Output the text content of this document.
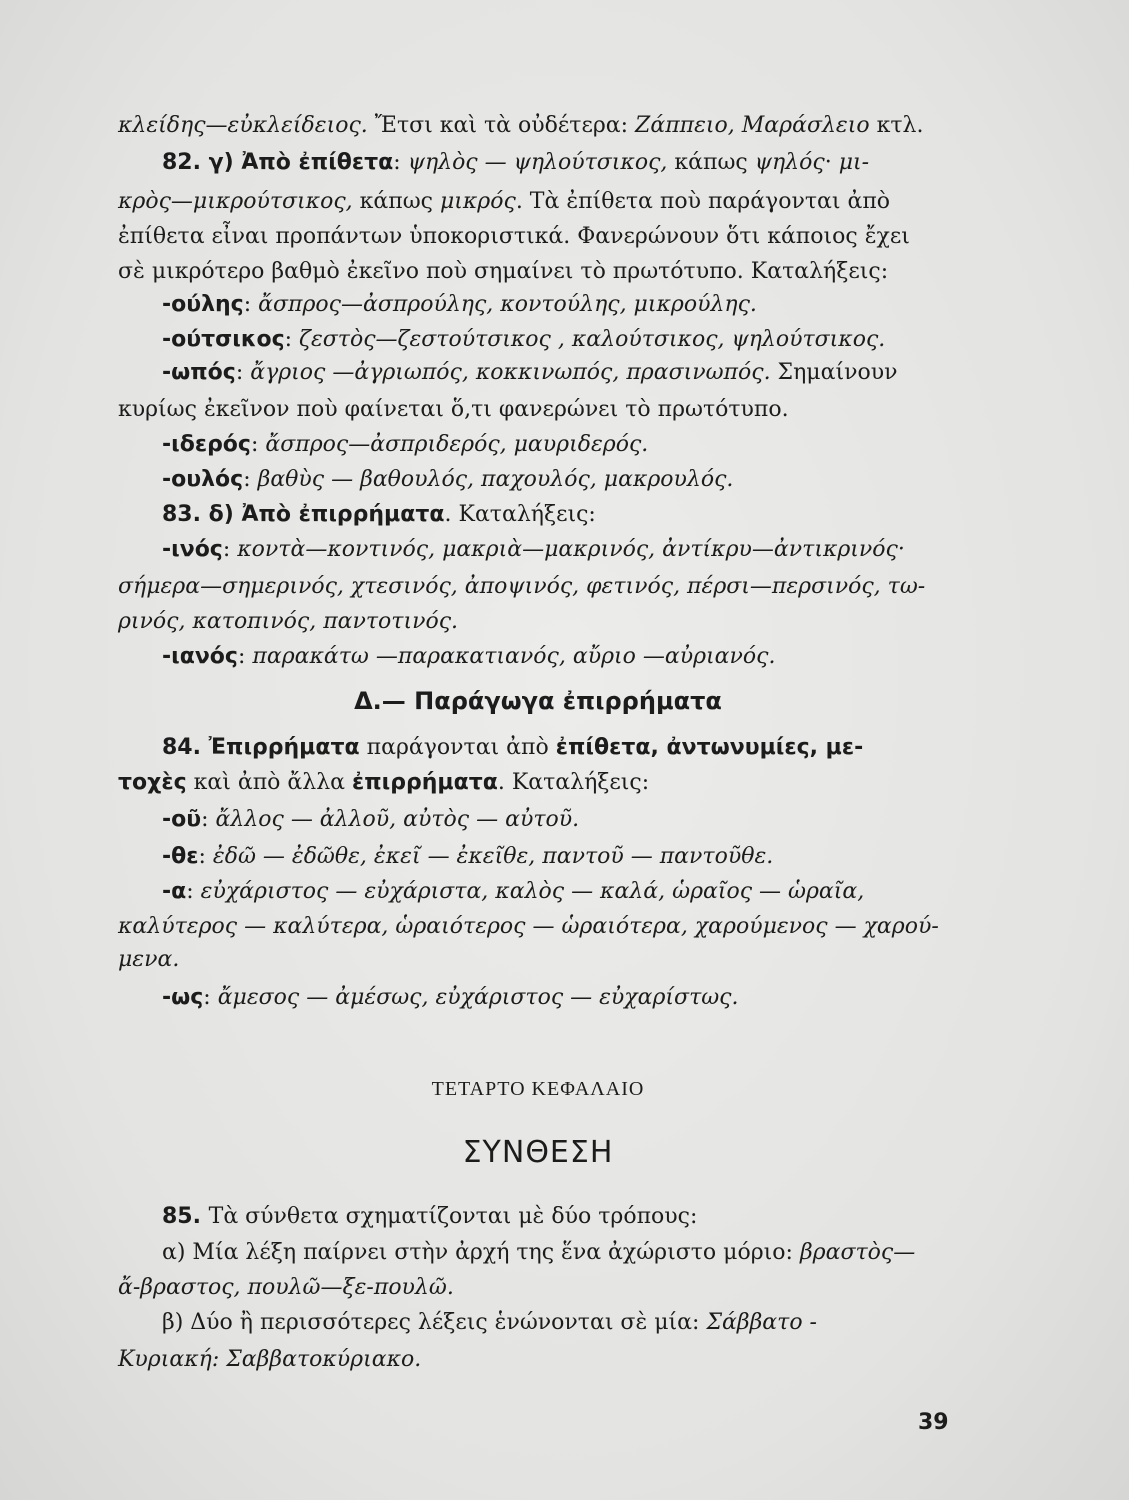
κλείδης—εὐκλείδειος. Ἔτσι καὶ τὰ οὐδέτερα: Ζάππειο, Μαράσλειο κτλ.
82. γ) Ἀπὸ ἐπίθετα: ψηλὸς — ψηλούτσικος, κάπως ψηλός· μι-
κρὸς—μικρούτσικος, κάπως μικρός. Τὰ ἐπίθετα ποὺ παράγονται ἀπὸ
ἐπίθετα εἶναι προπάντων ὑποκοριστικά. Φανερώνουν ὅτι κάποιος ἔχει
σὲ μικρότερο βαθμὸ ἐκεῖνο ποὺ σημαίνει τὸ πρωτότυπο. Καταλήξεις:
-ούλης: ἄσπρος—ἀσπρούλης, κοντούλης, μικρούλης.
-ούτσικος: ζεστὸς—ζεστούτσικος , καλούτσικος, ψηλούτσικος.
-ωπός: ἄγριος —ἀγριωπός, κοκκινωπός, πρασινωπός. Σημαίνουν
κυρίως ἐκεῖνον ποὺ φαίνεται ὅ,τι φανερώνει τὸ πρωτότυπο.
-ιδερός: ἄσπρος—ἀσπριδερός, μαυριδερός.
-ουλός: βαθὺς — βαθουλός, παχουλός, μακρουλός.
83. δ) Ἀπὸ ἐπιρρήματα. Καταλήξεις:
-ινός: κοντὰ—κοντινός, μακριὰ—μακρινός, ἀντίκρυ—ἀντικρινός·
σήμερα—σημερινός, χτεσινός, ἀποψινός, φετινός, πέρσι—περσινός, τω-
ρινός, κατοπινός, παντοτινός.
-ιανός: παρακάτω —παρακατιανός, αὔριο —αὐριανός.
Δ.— Παράγωγα ἐπιρρήματα
84. Ἐπιρρήματα παράγονται ἀπὸ ἐπίθετα, ἀντωνυμίες, με-
τοχὲς καὶ ἀπὸ ἄλλα ἐπιρρήματα. Καταλήξεις:
-οῦ: ἄλλος — ἀλλοῦ, αὐτὸς — αὐτοῦ.
-θε: ἐδῶ — ἐδῶθε, ἐκεῖ — ἐκεῖθε, παντοῦ — παντοῦθε.
-α: εὐχάριστος — εὐχάριστα, καλὸς — καλά, ὡραῖος — ὡραῖα,
καλύτερος — καλύτερα, ὡραιότερος — ὡραιότερα, χαρούμενος — χαρού-
μενα.
-ως: ἄμεσος — ἀμέσως, εὐχάριστος — εὐχαρίστως.
ΤΕΤΑΡΤΟ ΚΕΦΑΛΑΙΟ
ΣΥΝΘΕΣΗ
85. Τὰ σύνθετα σχηματίζονται μὲ δύο τρόπους:
α) Μία λέξη παίρνει στὴν ἀρχή της ἕνα ἀχώριστο μόριο: βραστὸς—
ἄ-βραστος, πουλῶ—ξε-πουλῶ.
β) Δύο ἢ περισσότερες λέξεις ἑνώνονται σὲ μία: Σάββατο -
Κυριακή: Σαββατοκύριακο.
39
